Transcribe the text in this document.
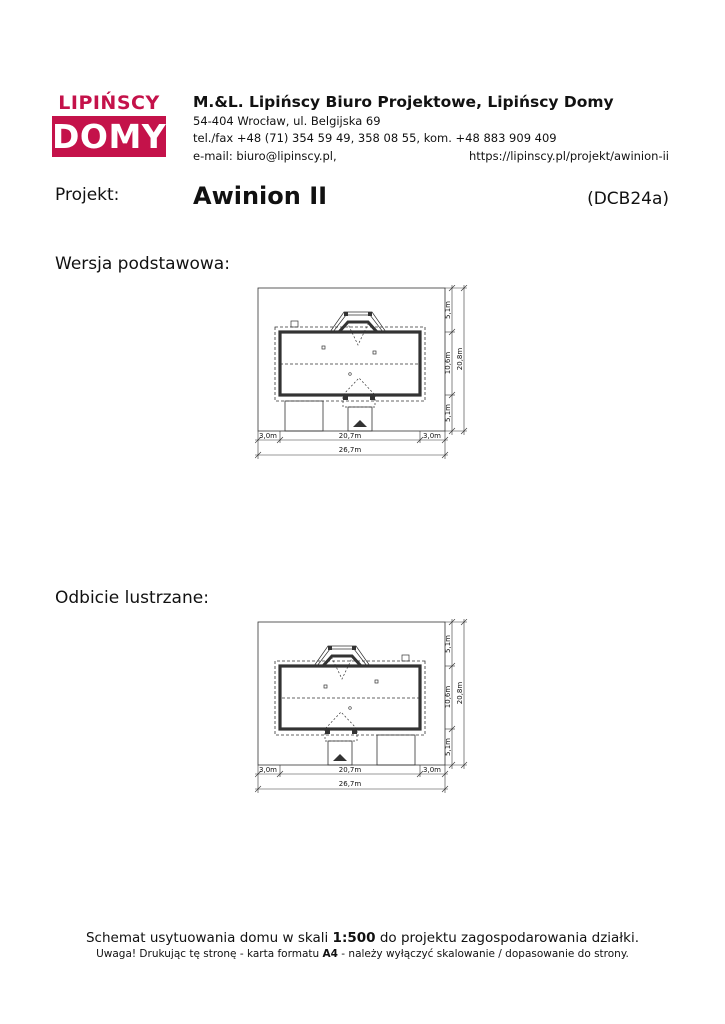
LIPIŃSCY
DOMY
M.&L. Lipińscy Biuro Projektowe, Lipińscy Domy
54-404 Wrocław, ul. Belgijska 69
tel./fax +48 (71) 354 59 49, 358 08 55, kom. +48 883 909 409
e-mail: biuro@lipinscy.pl,	https://lipinscy.pl/projekt/awinion-ii
Projekt:	Awinion II	(DCB24a)
Wersja podstawowa:
5,1m
10,6m
5,1m
20,8m
3,0m	20,7m	3,0m
26,7m
Odbicie lustrzane:
5,1m
10,6m
5,1m
20,8m
3,0m	20,7m	3,0m
26,7m
Schemat usytuowania domu w skali 1:500 do projektu zagospodarowania działki.
Uwaga! Drukując tę stronę - karta formatu A4 - należy wyłączyć skalowanie / dopasowanie do strony.
